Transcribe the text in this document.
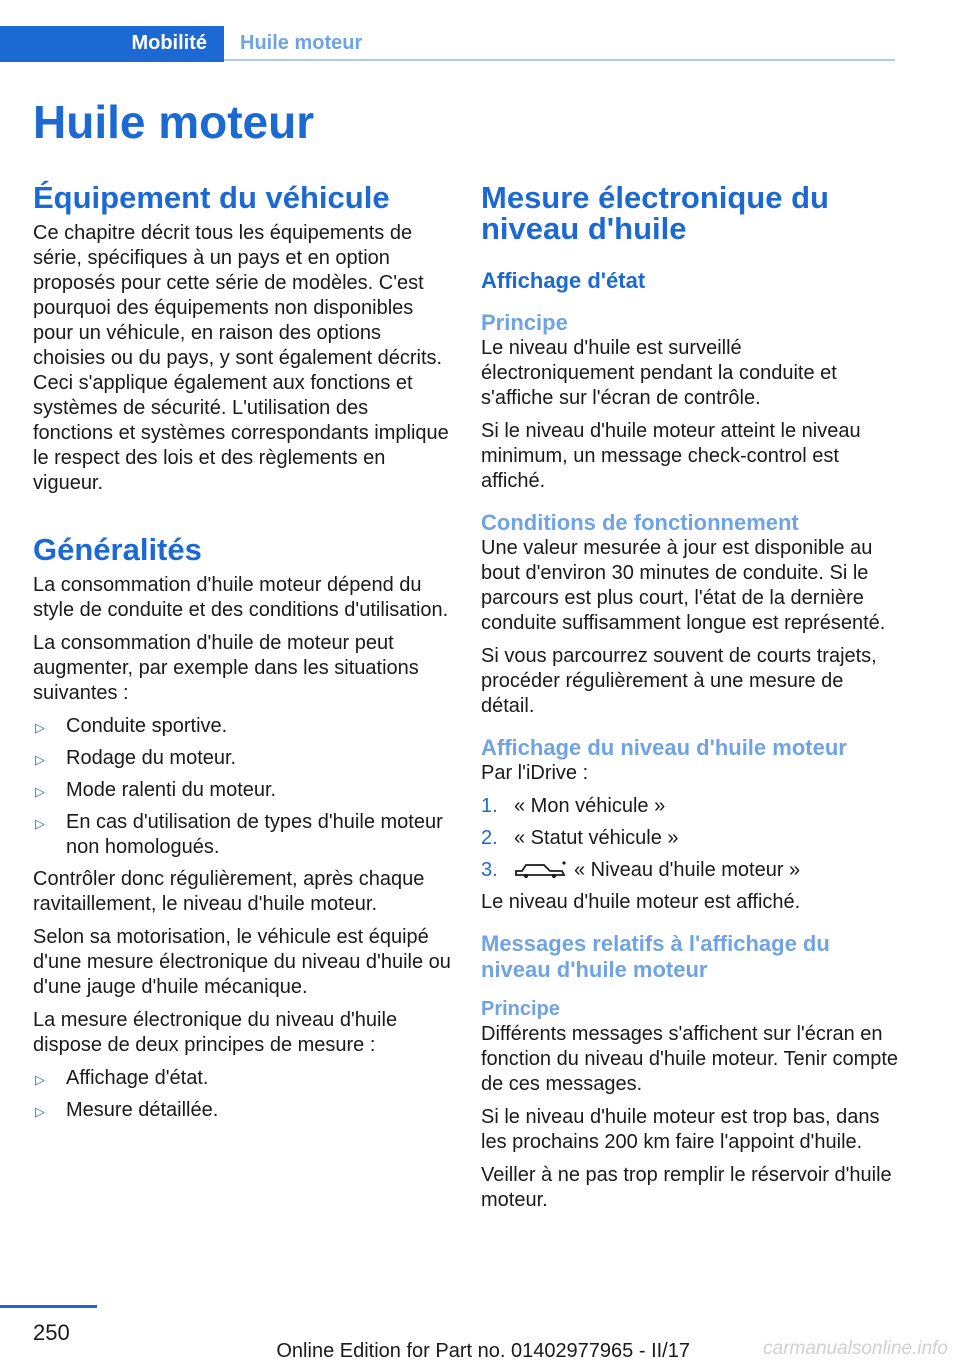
Mobilité	Huile moteur
Huile moteur
Équipement du véhicule

Ce chapitre décrit tous les équipements de série, spécifiques à un pays et en option proposés pour cette série de modèles. C'est pourquoi des équipements non disponibles pour un véhicule, en raison des options choisies ou du pays, y sont également décrits. Ceci s'applique également aux fonctions et systèmes de sécurité. L'utilisation des fonctions et systèmes correspondants implique le respect des lois et des règlements en vigueur.

Généralités

La consommation d'huile moteur dépend du style de conduite et des conditions d'utilisation.

La consommation d'huile de moteur peut augmenter, par exemple dans les situations suivantes :

▷ Conduite sportive.
▷ Rodage du moteur.
▷ Mode ralenti du moteur.
▷ En cas d'utilisation de types d'huile moteur non homologués.

Contrôler donc régulièrement, après chaque ravitaillement, le niveau d'huile moteur.

Selon sa motorisation, le véhicule est équipé d'une mesure électronique du niveau d'huile ou d'une jauge d'huile mécanique.

La mesure électronique du niveau d'huile dispose de deux principes de mesure :

▷ Affichage d'état.
▷ Mesure détaillée.
Mesure électronique du niveau d'huile
Affichage d'état
Principe

Le niveau d'huile est surveillé électroniquement pendant la conduite et s'affiche sur l'écran de contrôle.

Si le niveau d'huile moteur atteint le niveau minimum, un message check-control est affiché.

Conditions de fonctionnement

Une valeur mesurée à jour est disponible au bout d'environ 30 minutes de conduite. Si le parcours est plus court, l'état de la dernière conduite suffisamment longue est représenté.

Si vous parcourrez souvent de courts trajets, procéder régulièrement à une mesure de détail.

Affichage du niveau d'huile moteur

Par l'iDrive :

1. « Mon véhicule »
2. « Statut véhicule »
3.	« Niveau d'huile moteur »

Le niveau d'huile moteur est affiché.

Messages relatifs à l'affichage du niveau d'huile moteur
Principe

Différents messages s'affichent sur l'écran en fonction du niveau d'huile moteur. Tenir compte de ces messages.

Si le niveau d'huile moteur est trop bas, dans les prochains 200 km faire l'appoint d'huile.

Veiller à ne pas trop remplir le réservoir d'huile moteur.

250
Online Edition for Part no. 01402977965 - II/17	carmanualsonline.info
